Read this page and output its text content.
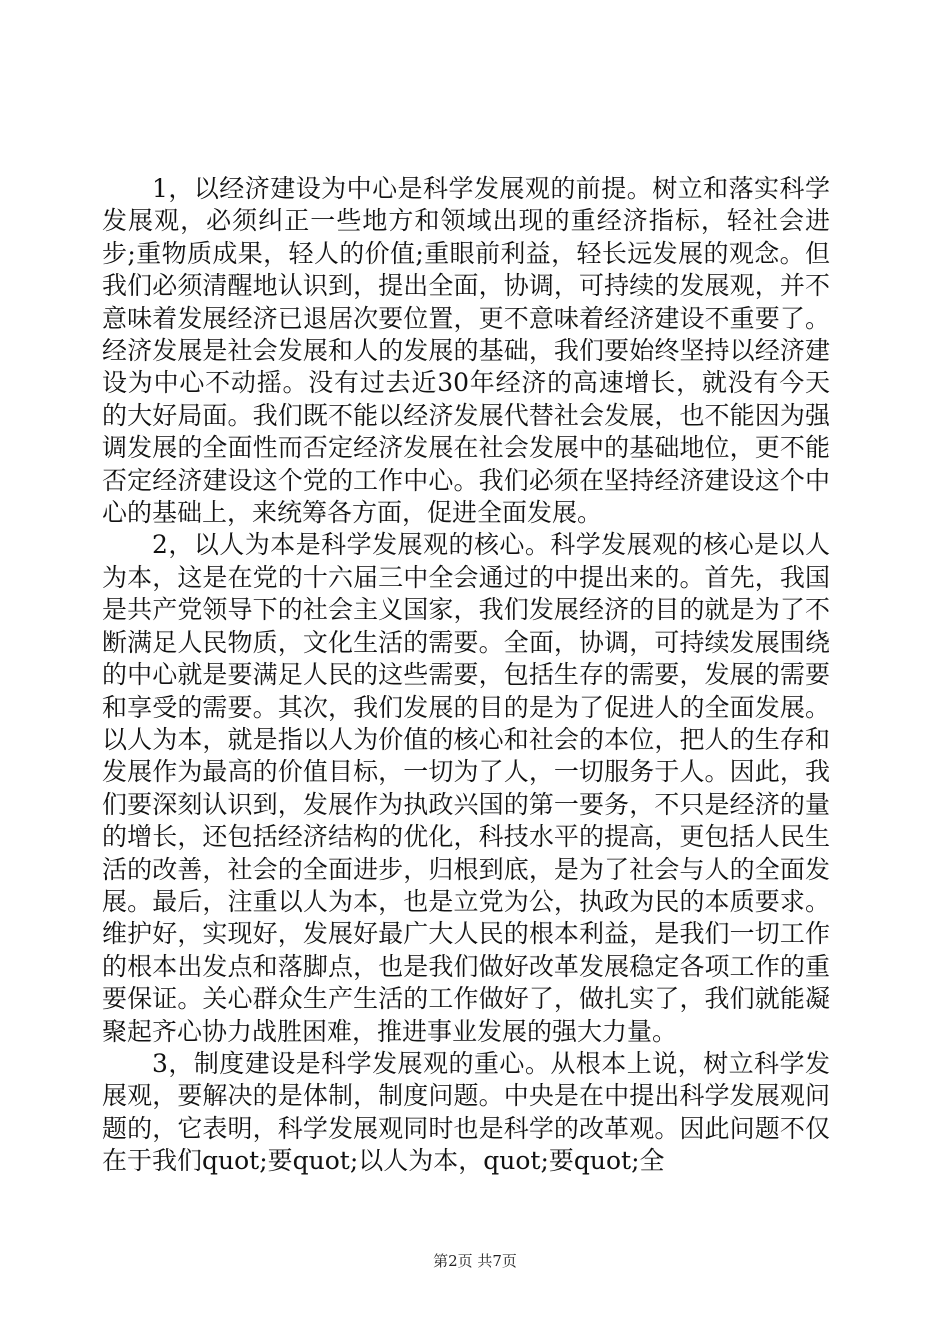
1，以经济建设为中心是科学发展观的前提。树立和落实科学发展观，必须纠正一些地方和领域出现的重经济指标，轻社会进步;重物质成果，轻人的价值;重眼前利益，轻长远发展的观念。但我们必须清醒地认识到，提出全面，协调，可持续的发展观，并不意味着发展经济已退居次要位置，更不意味着经济建设不重要了。经济发展是社会发展和人的发展的基础，我们要始终坚持以经济建设为中心不动摇。没有过去近30年经济的高速增长，就没有今天的大好局面。我们既不能以经济发展代替社会发展，也不能因为强调发展的全面性而否定经济发展在社会发展中的基础地位，更不能否定经济建设这个党的工作中心。我们必须在坚持经济建设这个中心的基础上，来统筹各方面，促进全面发展。

2，以人为本是科学发展观的核心。科学发展观的核心是以人为本，这是在党的十六届三中全会通过的中提出来的。首先，我国是共产党领导下的社会主义国家，我们发展经济的目的就是为了不断满足人民物质，文化生活的需要。全面，协调，可持续发展围绕的中心就是要满足人民的这些需要，包括生存的需要，发展的需要和享受的需要。其次，我们发展的目的是为了促进人的全面发展。以人为本，就是指以人为价值的核心和社会的本位，把人的生存和发展作为最高的价值目标，一切为了人，一切服务于人。因此，我们要深刻认识到，发展作为执政兴国的第一要务，不只是经济的量的增长，还包括经济结构的优化，科技水平的提高，更包括人民生活的改善，社会的全面进步，归根到底，是为了社会与人的全面发展。最后，注重以人为本，也是立党为公，执政为民的本质要求。维护好，实现好，发展好最广大人民的根本利益，是我们一切工作的根本出发点和落脚点，也是我们做好改革发展稳定各项工作的重要保证。关心群众生产生活的工作做好了，做扎实了，我们就能凝聚起齐心协力战胜困难，推进事业发展的强大力量。

3，制度建设是科学发展观的重心。从根本上说，树立科学发展观，要解决的是体制，制度问题。中央是在中提出科学发展观问题的，它表明，科学发展观同时也是科学的改革观。因此问题不仅在于我们quot;要quot;以人为本，quot;要quot;全

第2页 共7页
